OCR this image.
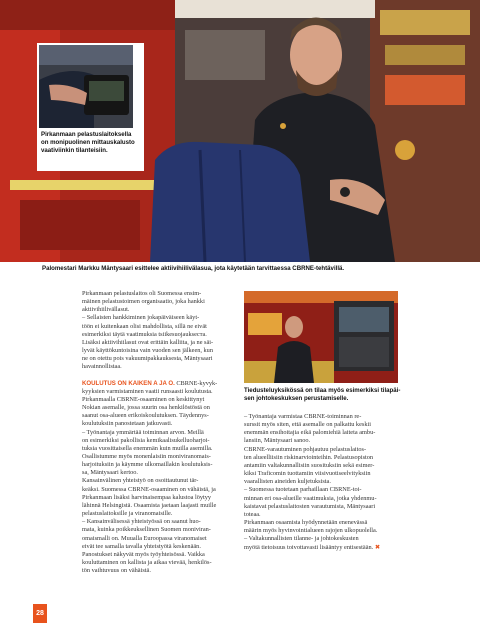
Pirkanmaan pelastuslaitoksella
on monipuolinen mittauskalusto
vaativiinkin tilanteisiin.
Palomestari Markku Mäntysaari esittelee aktiivihiilivälasua, jota käytetään tarvittaessa CBRNE-tehtävillä.

Pirkanmaan pelastuslaitos oli Suomessa ensim-

mäinen pelastustoimen organisaatio, joka hankki

aktiivihiilivällasut.

– Sellaisten hankkiminen jokapäiväiseen käyt-

töön ei kuitenkaan olisi mahdollista, sillä ne eivät

esimerkiksi täytä vaatimuksia tsiikesuojaukseста.

Lisäksi aktiivihiilasut ovat erittäin kalliita, ja ne säi-

lyvät käyttökuntoisina vain vuoden sen jälkeen, kun

ne on otettu pois vakuumipakkauksesta, Mäntysaari

havainnollistaa.

KOULUTUS ON KAIKEN A JA O. CBRNE-kyvyk-

kyyksien varmistaminen vaatii runsaasti koulutusta.

Pirkanmaalla CBRNE-osaaminen on keskittynyt

Nokian asemalle, jossa suurin osa henkilöstöstä on

saanut osa-alueen erikoiskoulutuksen. Täydennys-

koulutuksiin panostetaan jatkuvasti.

– Työnantaja ymmärtää toiminnan arvon. Meillä

on esimerkiksi pakollisia kemikaalisukelluoharjoi-

tuksia vuosittaisella enemmän kuin muilla asemilla.

Osallistumme myös monenlaisiin moniviranomais-

harjoituksiin ja käymme ulkomaillakin koulutuksis-

sa, Mäntysaari kertoo.

Kansainvälinen yhteistyö on osoittautunut tär-

keäksi. Suomessa CBRNE-osaaminen on vähäistä, ja

Pirkanmaan lisäksi harvinaisempaa kalustoa löytyy

lähinnä Helsingistä. Osaamista jaetaan laajasti muille

pelastuslaitoksille ja viranomaisille.

– Kansainvälisessä yhteistyössä on saanut huo-

mata, kuinka poikkeuksellinen Suomen moniviran-

omaismalli on. Muualla Euroopassa viranomaiset

eivät tee samalla tavalla yhteistyötä keskenään.

Panostukset näkyvät myös työyhteisössä. Vaikka

kouluttaminen on kallista ja aikaa vievää, henkilös-

tön vaihtuvuus on vähäistä.

Tiedusteluyksikössä on tilaa myös esimerkiksi tilapäi-
sen johtokeskuksen perustamiselle.

– Työnantaja varmistaa CBRNE-toiminnan re-

surssit myös siten, että asemalle on palkattu keskii

enemmän ensihoitajia eikä palomiehiä laiteta ambu-

lansiin, Mäntysaari sanoo.

CBRNE-varautuminen pohjautuu pelastuslaitos-

ten alueelliisiin riskinarviointeihin. Pelastusopiston

antamiin valtakunnallisiin suosituksiin sekä esimer-

kiksi Traficomin tuottamiin viisivuotiseelvityksiin

vaarallisten aineiden kuljetuksista.

– Suomessa tuotetaan parhaillaan CBRNE-toi-

minnan eri osa-alueille vaatimuksia, jotka yhdenmu-

kaistavat pelastuslaitosten varautumista, Mäntysaari

toteaa.

Pirkanmaan osaamista hyödynnetään enenevässä

määrin myös hyvinvointialueen rajojen ulkopuolella.

– Valtakunnallisten tilanne- ja johtokeskusten

myötä tietoisuus toivottavasti lisääntyy entisestään. ✖

28
